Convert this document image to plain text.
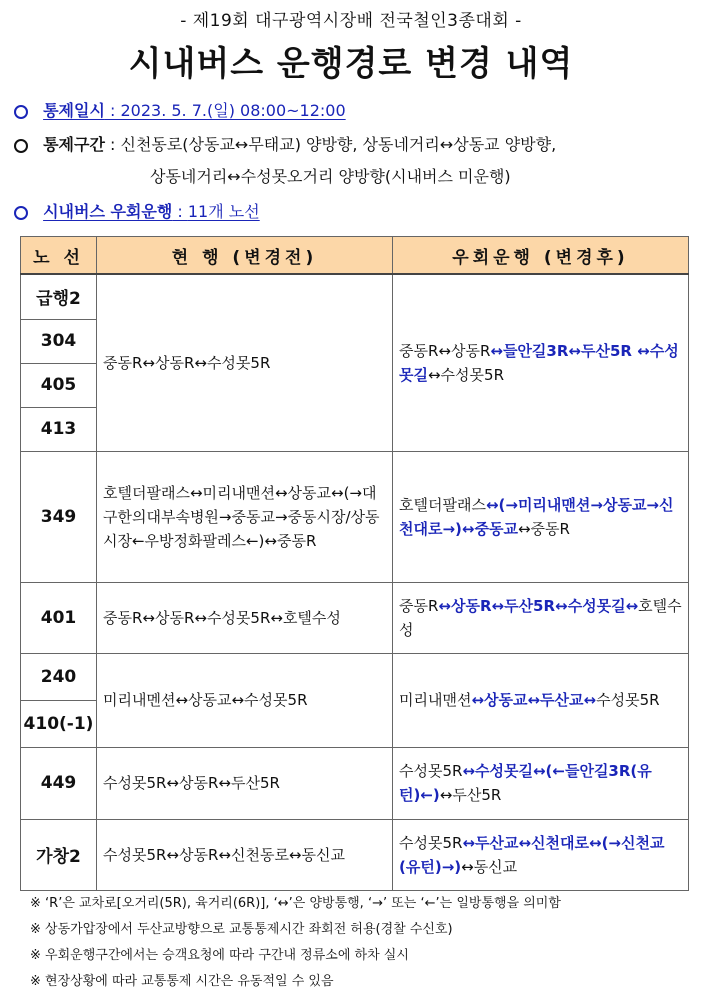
- 제19회 대구광역시장배 전국철인3종대회 -
시내버스 운행경로 변경 내역
통제일시 : 2023. 5. 7.(일) 08:00~12:00
통제구간 : 신천동로(상동교↔무태교) 양방향, 상동네거리↔상동교 양방향,
상동네거리↔수성못오거리 양방향(시내버스 미운행)
시내버스 우회운행 : 11개 노선
노 선	현 행 (변경전)	우회운행 (변경후)
급행2	중동R↔상동R↔수성못5R	중동R↔상동R↔들안길3R↔두산5R ↔수성못길↔수성못5R
304		
405		
413		
349	호텔더팔래스↔미리내맨션↔상동교↔(→대구한의대부속병원→중동교→중동시장/상동시장←우방정화팔레스←)↔중동R	호텔더팔래스↔(→미리내맨션→상동교→신천대로→)↔중동교↔중동R
401	중동R↔상동R↔수성못5R↔호텔수성	중동R↔상동R↔두산5R↔수성못길↔호텔수성
240	미리내멘션↔상동교↔수성못5R	미리내맨션↔상동교↔두산교↔수성못5R
410(-1)		
449	수성못5R↔상동R↔두산5R	수성못5R↔수성못길↔(←들안길3R(유턴)←)↔두산5R
가창2	수성못5R↔상동R↔신천동로↔동신교	수성못5R↔두산교↔신천대로↔(→신천교(유턴)→)↔동신교
※ ‘R’은 교차로[오거리(5R), 육거리(6R)], ‘↔’은 양방통행, ‘→’ 또는 ‘←’는 일방통행을 의미함
※ 상동가압장에서 두산교방향으로 교통통제시간 좌회전 허용(경찰 수신호)
※ 우회운행구간에서는 승객요청에 따라 구간내 정류소에 하차 실시
※ 현장상황에 따라 교통통제 시간은 유동적일 수 있음
